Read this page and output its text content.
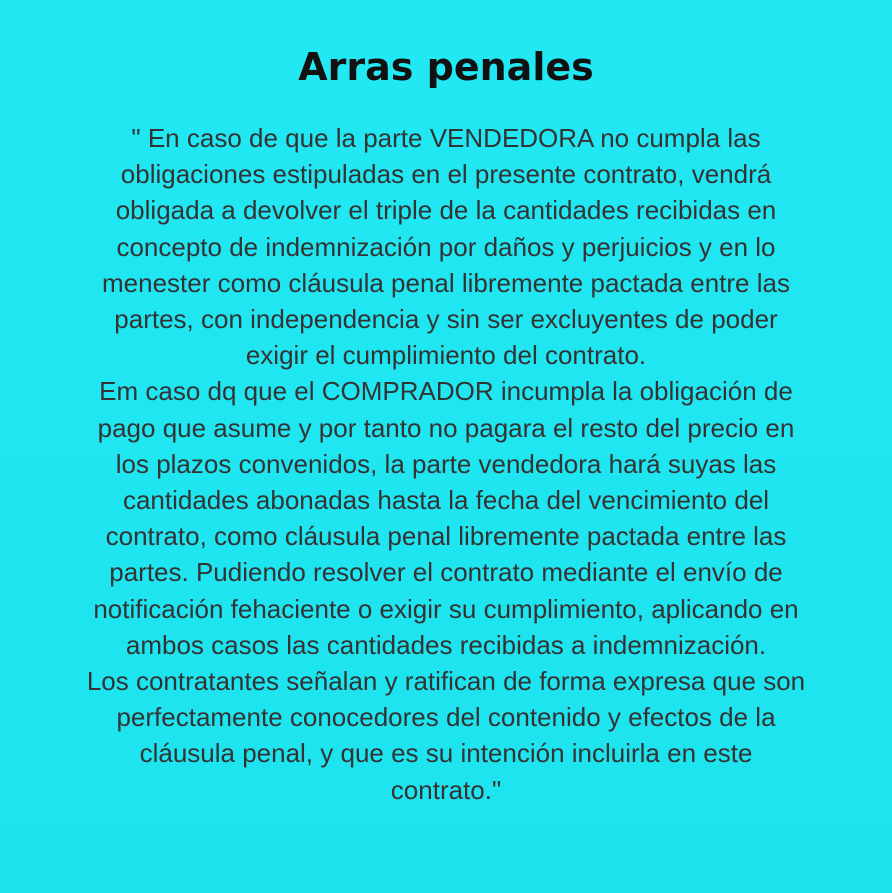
Arras penales
" En caso de que la parte VENDEDORA no cumpla las
obligaciones estipuladas en el presente contrato, vendrá
obligada a devolver el triple de la cantidades recibidas en
concepto de indemnización por daños y perjuicios y en lo
menester como cláusula penal libremente pactada entre las
partes, con independencia y sin ser excluyentes de poder
exigir el cumplimiento del contrato.
Em caso dq que el COMPRADOR incumpla la obligación de
pago que asume y por tanto no pagara el resto del precio en
los plazos convenidos, la parte vendedora hará suyas las
cantidades abonadas hasta la fecha del vencimiento del
contrato, como cláusula penal libremente pactada entre las
partes. Pudiendo resolver el contrato mediante el envío de
notificación fehaciente o exigir su cumplimiento, aplicando en
ambos casos las cantidades recibidas a indemnización.
Los contratantes señalan y ratifican de forma expresa que son
perfectamente conocedores del contenido y efectos de la
cláusula penal, y que es su intención incluirla en este
contrato."
